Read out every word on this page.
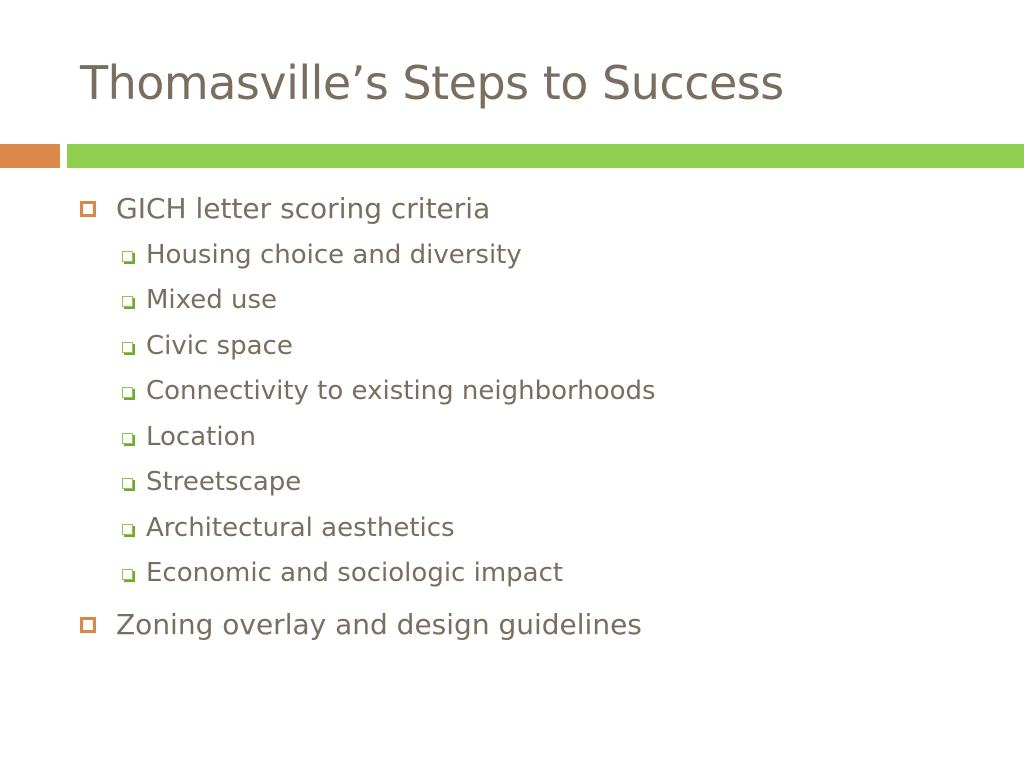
Thomasville’s Steps to Success
GICH letter scoring criteria
Housing choice and diversity
Mixed use
Civic space
Connectivity to existing neighborhoods
Location
Streetscape
Architectural aesthetics
Economic and sociologic impact
Zoning overlay and design guidelines
